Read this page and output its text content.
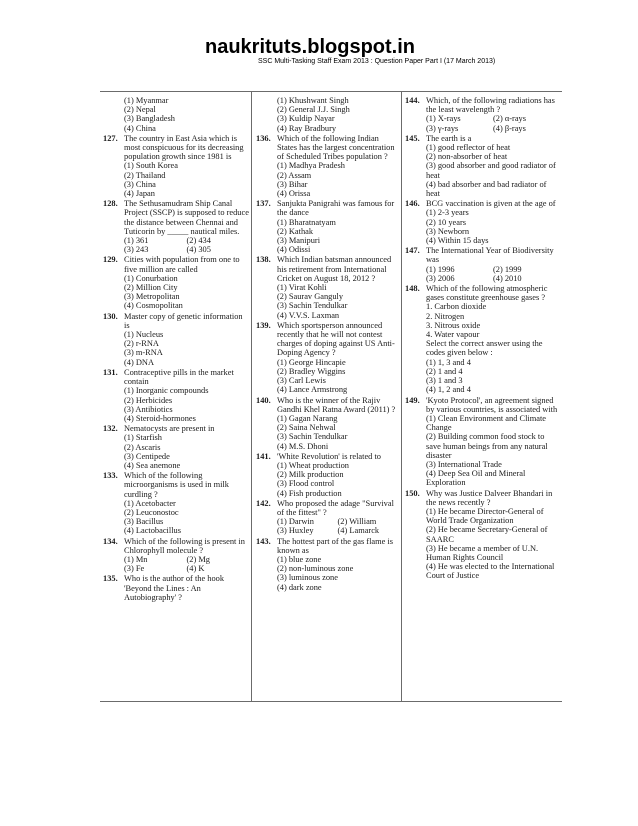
naukrituts.blogspot.in
SSC Multi-Tasking Staff Exam 2013 : Question Paper Part I (17 March 2013)
(1) Myanmar
(2) Nepal
(3) Bangladesh
(4) China
127. The country in East Asia which is most conspicuous for its decreasing population growth since 1981 is
(1) South Korea
(2) Thailand
(3) China
(4) Japan
128. The Sethusamudram Ship Canal Project (SSCP) is supposed to reduce the distance between Chennai and Tuticorin by _____ nautical miles.
(1) 361	(2) 434
(3) 243	(4) 305
129. Cities with population from one to five million are called
(1) Conurbation
(2) Million City
(3) Metropolitan
(4) Cosmopolitan
130. Master copy of genetic information is
(1) Nucleus
(2) r-RNA
(3) m-RNA
(4) DNA
131. Contraceptive pills in the market contain
(1) Inorganic compounds
(2) Herbicides
(3) Antibiotics
(4) Steroid-hormones
132. Nematocysts are present in
(1) Starfish
(2) Ascaris
(3) Centipede
(4) Sea anemone
133. Which of the following microorganisms is used in milk curdling ?
(1) Acetobacter
(2) Leuconostoc
(3) Bacillus
(4) Lactobacillus
134. Which of the following is present in Chlorophyll molecule ?
(1) Mn	(2) Mg
(3) Fe	(4) K
135. Who is the author of the hook 'Beyond the Lines : An Autobiography' ?
(1) Khushwant Singh
(2) General J.J. Singh
(3) Kuldip Nayar
(4) Ray Bradbury
136. Which of the following Indian States has the largest concentration of Scheduled Tribes population ?
(1) Madhya Pradesh
(2) Assam
(3) Bihar
(4) Orissa
137. Sanjukta Panigrahi was famous for the dance
(1) Bharatnatyam
(2) Kathak
(3) Manipuri
(4) Odissi
138. Which Indian batsman announced his retirement from International Cricket on August 18, 2012 ?
(1) Virat Kohli
(2) Saurav Ganguly
(3) Sachin Tendulkar
(4) V.V.S. Laxman
139. Which sportsperson announced recently that he will not contest charges of doping against US Anti-Doping Agency ?
(1) George Hincapie
(2) Bradley Wiggins
(3) Carl Lewis
(4) Lance Armstrong
140. Who is the winner of the Rajiv Gandhi Khel Ratna Award (2011) ?
(1) Gagan Narang
(2) Saina Nehwal
(3) Sachin Tendulkar
(4) M.S. Dhoni
141. 'White Revolution' is related to
(1) Wheat production
(2) Milk production
(3) Flood control
(4) Fish production
142. Who proposed the adage "Survival of the fittest" ?
(1) Darwin	(2) William
(3) Huxley	(4) Lamarck
143. The hottest part of the gas flame is known as
(1) blue zone
(2) non-luminous zone
(3) luminous zone
(4) dark zone
144. Which, of the following radiations has the least wavelength ?
(1) X-rays	(2) α-rays
(3) γ-rays	(4) β-rays
145. The earth is a
(1) good reflector of heat
(2) non-absorber of heat
(3) good absorber and good radiator of heat
(4) bad absorber and bad radiator of heat
146. BCG vaccination is given at the age of
(1) 2-3 years
(2) 10 years
(3) Newborn
(4) Within 15 days
147. The International Year of Biodiversity was
(1) 1996	(2) 1999
(3) 2006	(4) 2010
148. Which of the following atmospheric gases constitute greenhouse gases ?
1. Carbon dioxide
2. Nitrogen
3. Nitrous oxide
4. Water vapour
Select the correct answer using the codes given below :
(1) 1, 3 and 4
(2) 1 and 4
(3) 1 and 3
(4) 1, 2 and 4
149. 'Kyoto Protocol', an agreement signed by various countries, is associated with
(1) Clean Environment and Climate Change
(2) Building common food stock to save human beings from any natural disaster
(3) International Trade
(4) Deep Sea Oil and Mineral Exploration
150. Why was Justice Dalveer Bhandari in the news recently ?
(1) He became Director-General of World Trade Organization
(2) He became Secretary-General of SAARC
(3) He became a member of U.N. Human Rights Council
(4) He was elected to the International Court of Justice
